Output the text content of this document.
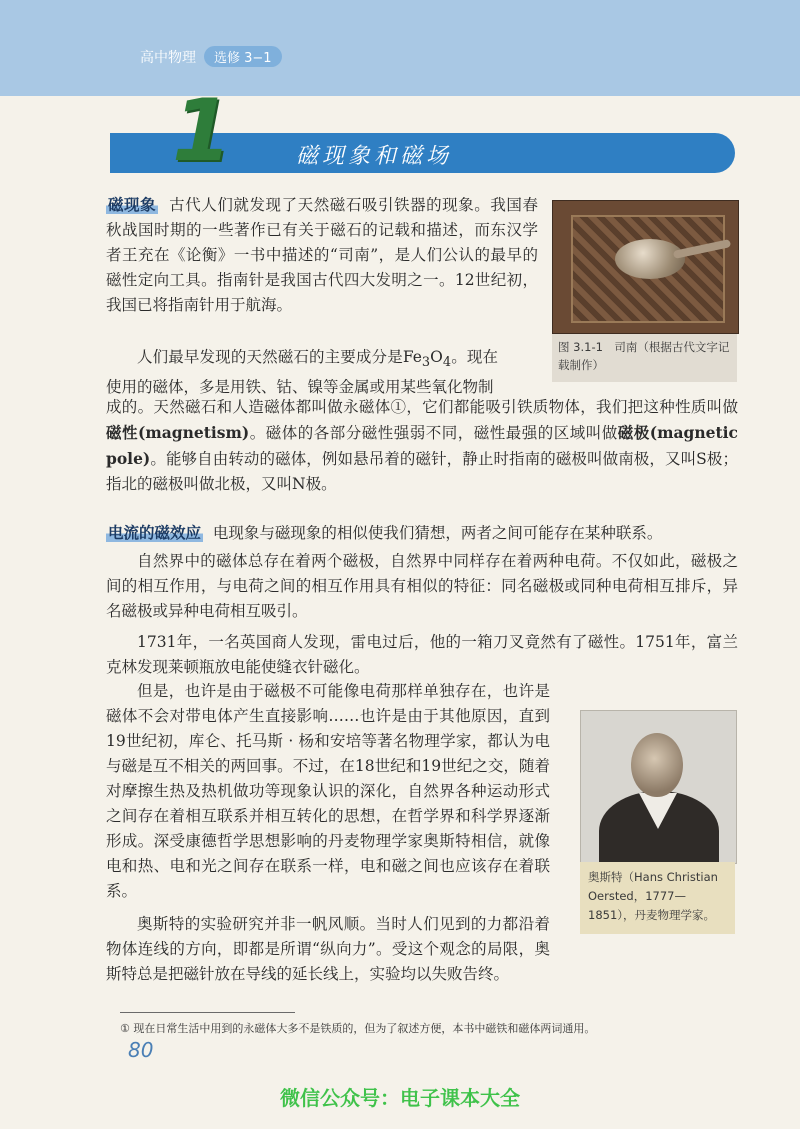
高中物理	选修 3−1
1	磁现象和磁场

磁现象 古代人们就发现了天然磁石吸引铁器的现象。我国春秋战国时期的一些著作已有关于磁石的记载和描述，而东汉学者王充在《论衡》一书中描述的“司南”，是人们公认的最早的磁性定向工具。指南针是我国古代四大发明之一。12世纪初，我国已将指南针用于航海。

人们最早发现的天然磁石的主要成分是$Fe_3O_4$。现在使用的磁体，多是用铁、钴、镍等金属或用某些氧化物制

成的。天然磁石和人造磁体都叫做永磁体①，它们都能吸引铁质物体，我们把这种性质叫做磁性(magnetism)。磁体的各部分磁性强弱不同，磁性最强的区域叫做磁极(magnetic pole)。能够自由转动的磁体，例如悬吊着的磁针，静止时指南的磁极叫做南极，又叫S极；指北的磁极叫做北极，又叫N极。

图 3.1-1　司南（根据古代文字记载制作）

电流的磁效应 电现象与磁现象的相似使我们猜想，两者之间可能存在某种联系。

自然界中的磁体总存在着两个磁极，自然界中同样存在着两种电荷。不仅如此，磁极之间的相互作用，与电荷之间的相互作用具有相似的特征：同名磁极或同种电荷相互排斥，异名磁极或异种电荷相互吸引。

1731年，一名英国商人发现，雷电过后，他的一箱刀叉竟然有了磁性。1751年，富兰克林发现莱顿瓶放电能使缝衣针磁化。

但是，也许是由于磁极不可能像电荷那样单独存在，也许是磁体不会对带电体产生直接影响……也许是由于其他原因，直到19世纪初，库仑、托马斯 · 杨和安培等著名物理学家，都认为电与磁是互不相关的两回事。不过，在18世纪和19世纪之交，随着对摩擦生热及热机做功等现象认识的深化，自然界各种运动形式之间存在着相互联系并相互转化的思想，在哲学界和科学界逐渐形成。深受康德哲学思想影响的丹麦物理学家奥斯特相信，就像电和热、电和光之间存在联系一样，电和磁之间也应该存在着联系。

奥斯特的实验研究并非一帆风顺。当时人们见到的力都沿着物体连线的方向，即都是所谓“纵向力”。受这个观念的局限，奥斯特总是把磁针放在导线的延长线上，实验均以失败告终。

奥斯特（Hans Christian Oersted，1777—1851），丹麦物理学家。
① 现在日常生活中用到的永磁体大多不是铁质的，但为了叙述方便，本书中磁铁和磁体两词通用。
80
微信公众号：电子课本大全
